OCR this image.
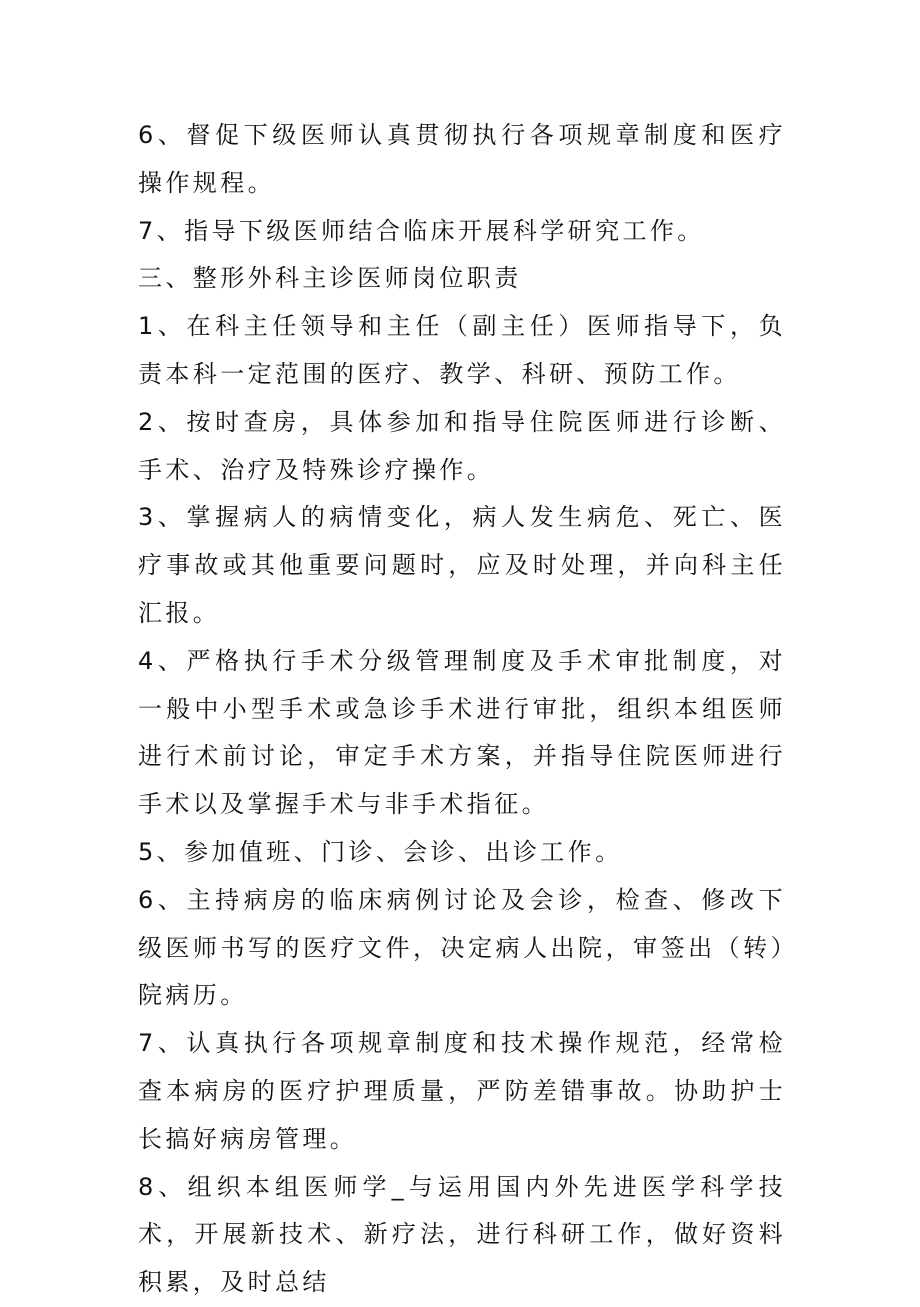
6、督促下级医师认真贯彻执行各项规章制度和医疗操作规程。

7、指导下级医师结合临床开展科学研究工作。

三、整形外科主诊医师岗位职责

1、在科主任领导和主任（副主任）医师指导下，负责本科一定范围的医疗、教学、科研、预防工作。

2、按时查房，具体参加和指导住院医师进行诊断、手术、治疗及特殊诊疗操作。

3、掌握病人的病情变化，病人发生病危、死亡、医疗事故或其他重要问题时，应及时处理，并向科主任汇报。

4、严格执行手术分级管理制度及手术审批制度，对一般中小型手术或急诊手术进行审批，组织本组医师进行术前讨论，审定手术方案，并指导住院医师进行手术以及掌握手术与非手术指征。

5、参加值班、门诊、会诊、出诊工作。

6、主持病房的临床病例讨论及会诊，检查、修改下级医师书写的医疗文件，决定病人出院，审签出（转）院病历。

7、认真执行各项规章制度和技术操作规范，经常检查本病房的医疗护理质量，严防差错事故。协助护士长搞好病房管理。

8、组织本组医师学_与运用国内外先进医学科学技术，开展新技术、新疗法，进行科研工作，做好资料积累，及时总结
